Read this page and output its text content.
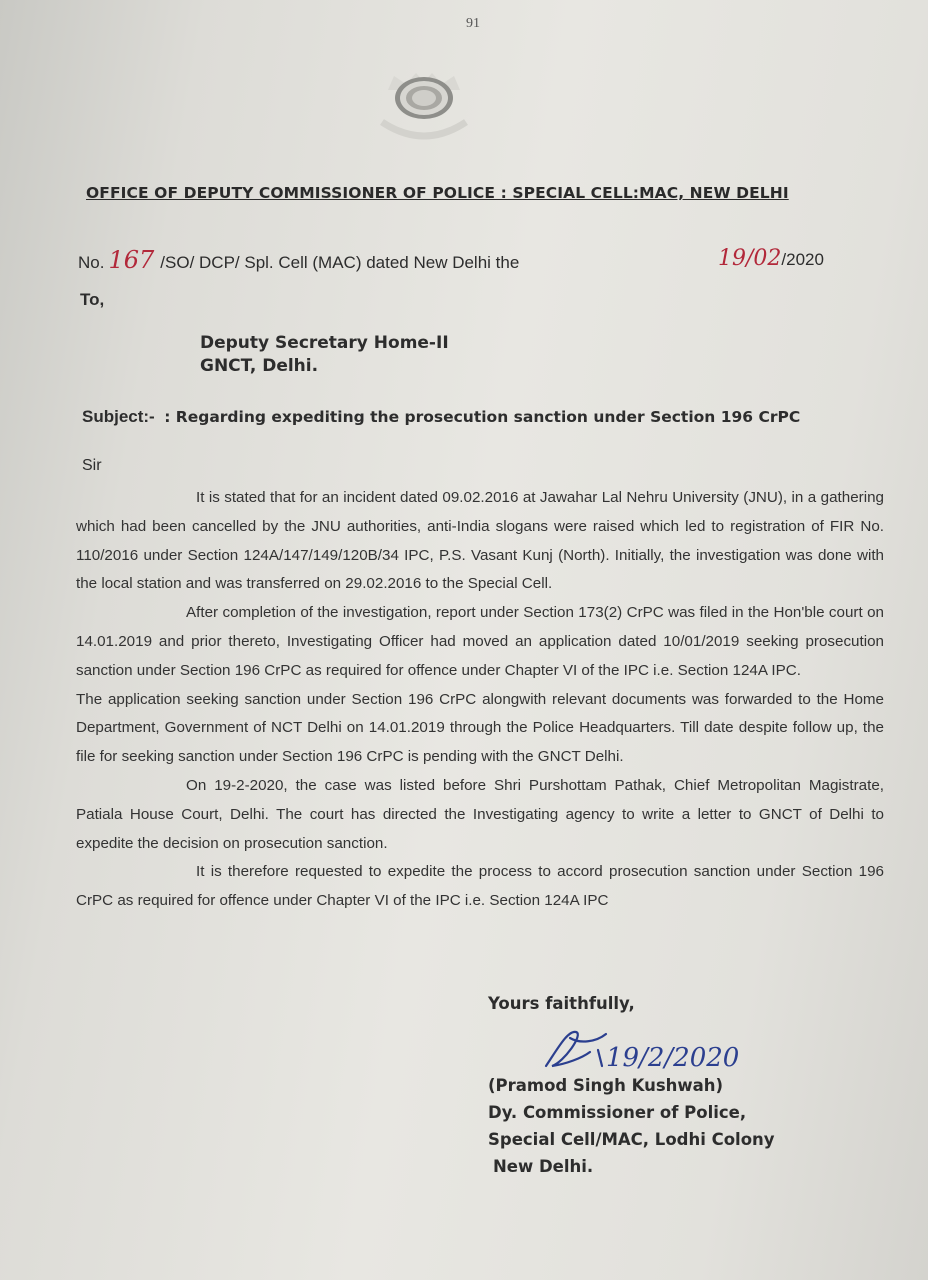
91
OFFICE OF DEPUTY COMMISSIONER OF POLICE : SPECIAL CELL:MAC, NEW DELHI
No. 167 /SO/ DCP/ Spl. Cell (MAC) dated New Delhi the	19/02/2020
To,
Deputy Secretary Home-II
GNCT, Delhi.
Subject:- : Regarding expediting the prosecution sanction under Section 196 CrPC
Sir

It is stated that for an incident dated 09.02.2016 at Jawahar Lal Nehru University (JNU), in a gathering which had been cancelled by the JNU authorities, anti-India slogans were raised which led to registration of FIR No. 110/2016 under Section 124A/147/149/120B/34 IPC, P.S. Vasant Kunj (North). Initially, the investigation was done with the local station and was transferred on 29.02.2016 to the Special Cell.

After completion of the investigation, report under Section 173(2) CrPC was filed in the Hon'ble court on 14.01.2019 and prior thereto, Investigating Officer had moved an application dated 10/01/2019 seeking prosecution sanction under Section 196 CrPC as required for offence under Chapter VI of the IPC i.e. Section 124A IPC.

The application seeking sanction under Section 196 CrPC alongwith relevant documents was forwarded to the Home Department, Government of NCT Delhi on 14.01.2019 through the Police Headquarters. Till date despite follow up, the file for seeking sanction under Section 196 CrPC is pending with the GNCT Delhi.

On 19-2-2020, the case was listed before Shri Purshottam Pathak, Chief Metropolitan Magistrate, Patiala House Court, Delhi. The court has directed the Investigating agency to write a letter to GNCT of Delhi to expedite the decision on prosecution sanction.

It is therefore requested to expedite the process to accord prosecution sanction under Section 196 CrPC as required for offence under Chapter VI of the IPC i.e. Section 124A IPC

Yours faithfully,
19/2/2020
(Pramod Singh Kushwah)
Dy. Commissioner of Police,
Special Cell/MAC, Lodhi Colony
New Delhi.
